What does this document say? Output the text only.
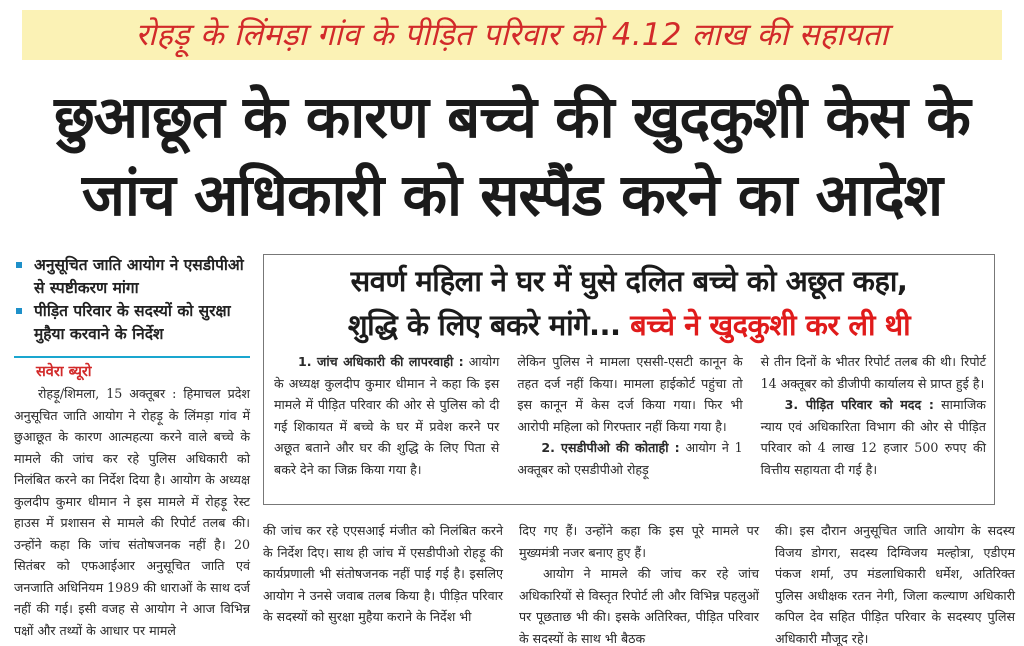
रोहड़ू के लिंमड़ा गांव के पीड़ित परिवार को 4.12 लाख की सहायता
छुआछूत के कारण बच्चे की खुदकुशी केस के
जांच अधिकारी को सस्पैंड करने का आदेश
अनुसूचित जाति आयोग ने एसडीपीओ से स्पष्टीकरण मांगा
पीड़ित परिवार के सदस्यों को सुरक्षा मुहैया करवाने के निर्देश
सवेरा ब्यूरो

रोहड़ू/शिमला, 15 अक्तूबर : हिमाचल प्रदेश अनुसूचित जाति आयोग ने रोहड़ू के लिंमड़ा गांव में छुआछूत के कारण आत्महत्या करने वाले बच्चे के मामले की जांच कर रहे पुलिस अधिकारी को निलंबित करने का निर्देश दिया है। आयोग के अध्यक्ष कुलदीप कुमार धीमान ने इस मामले में रोहड़ू रेस्ट हाउस में प्रशासन से मामले की रिपोर्ट तलब की। उन्होंने कहा कि जांच संतोषजनक नहीं है। 20 सितंबर को एफआईआर अनुसूचित जाति एवं जनजाति अधिनियम 1989 की धाराओं के साथ दर्ज नहीं की गई। इसी वजह से आयोग ने आज विभिन्न पक्षों और तथ्यों के आधार पर मामले

सवर्ण महिला ने घर में घुसे दलित बच्चे को अछूत कहा,
शुद्धि के लिए बकरे मांगे... बच्चे ने खुदकुशी कर ली थी

1. जांच अधिकारी की लापरवाही : आयोग के अध्यक्ष कुलदीप कुमार धीमान ने कहा कि इस मामले में पीड़ित परिवार की ओर से पुलिस को दी गई शिकायत में बच्चे के घर में प्रवेश करने पर अछूत बताने और घर की शुद्धि के लिए पिता से बकरे देने का जिक्र किया गया है।

लेकिन पुलिस ने मामला एससी-एसटी कानून के तहत दर्ज नहीं किया। मामला हाईकोर्ट पहुंचा तो इस कानून में केस दर्ज किया गया। फिर भी आरोपी महिला को गिरफ्तार नहीं किया गया है।

2. एसडीपीओ की कोताही : आयोग ने 1 अक्तूबर को एसडीपीओ रोहड़ू

से तीन दिनों के भीतर रिपोर्ट तलब की थी। रिपोर्ट 14 अक्तूबर को डीजीपी कार्यालय से प्राप्त हुई है।

3. पीड़ित परिवार को मदद : सामाजिक न्याय एवं अधिकारिता विभाग की ओर से पीड़ित परिवार को 4 लाख 12 हजार 500 रुपए की वित्तीय सहायता दी गई है।

की जांच कर रहे एएसआई मंजीत को निलंबित करने के निर्देश दिए। साथ ही जांच में एसडीपीओ रोहड़ू की कार्यप्रणाली भी संतोषजनक नहीं पाई गई है। इसलिए आयोग ने उनसे जवाब तलब किया है। पीड़ित परिवार के सदस्यों को सुरक्षा मुहैया कराने के निर्देश भी

दिए गए हैं। उन्होंने कहा कि इस पूरे मामले पर मुख्यमंत्री नजर बनाए हुए हैं।

आयोग ने मामले की जांच कर रहे जांच अधिकारियों से विस्तृत रिपोर्ट ली और विभिन्न पहलुओं पर पूछताछ भी की। इसके अतिरिक्त, पीड़ित परिवार के सदस्यों के साथ भी बैठक

की। इस दौरान अनुसूचित जाति आयोग के सदस्य विजय डोगरा, सदस्य दिग्विजय मल्होत्रा, एडीएम पंकज शर्मा, उप मंडलाधिकारी धर्मेश, अतिरिक्त पुलिस अधीक्षक रतन नेगी, जिला कल्याण अधिकारी कपिल देव सहित पीड़ित परिवार के सदस्यए पुलिस अधिकारी मौजूद रहे।
